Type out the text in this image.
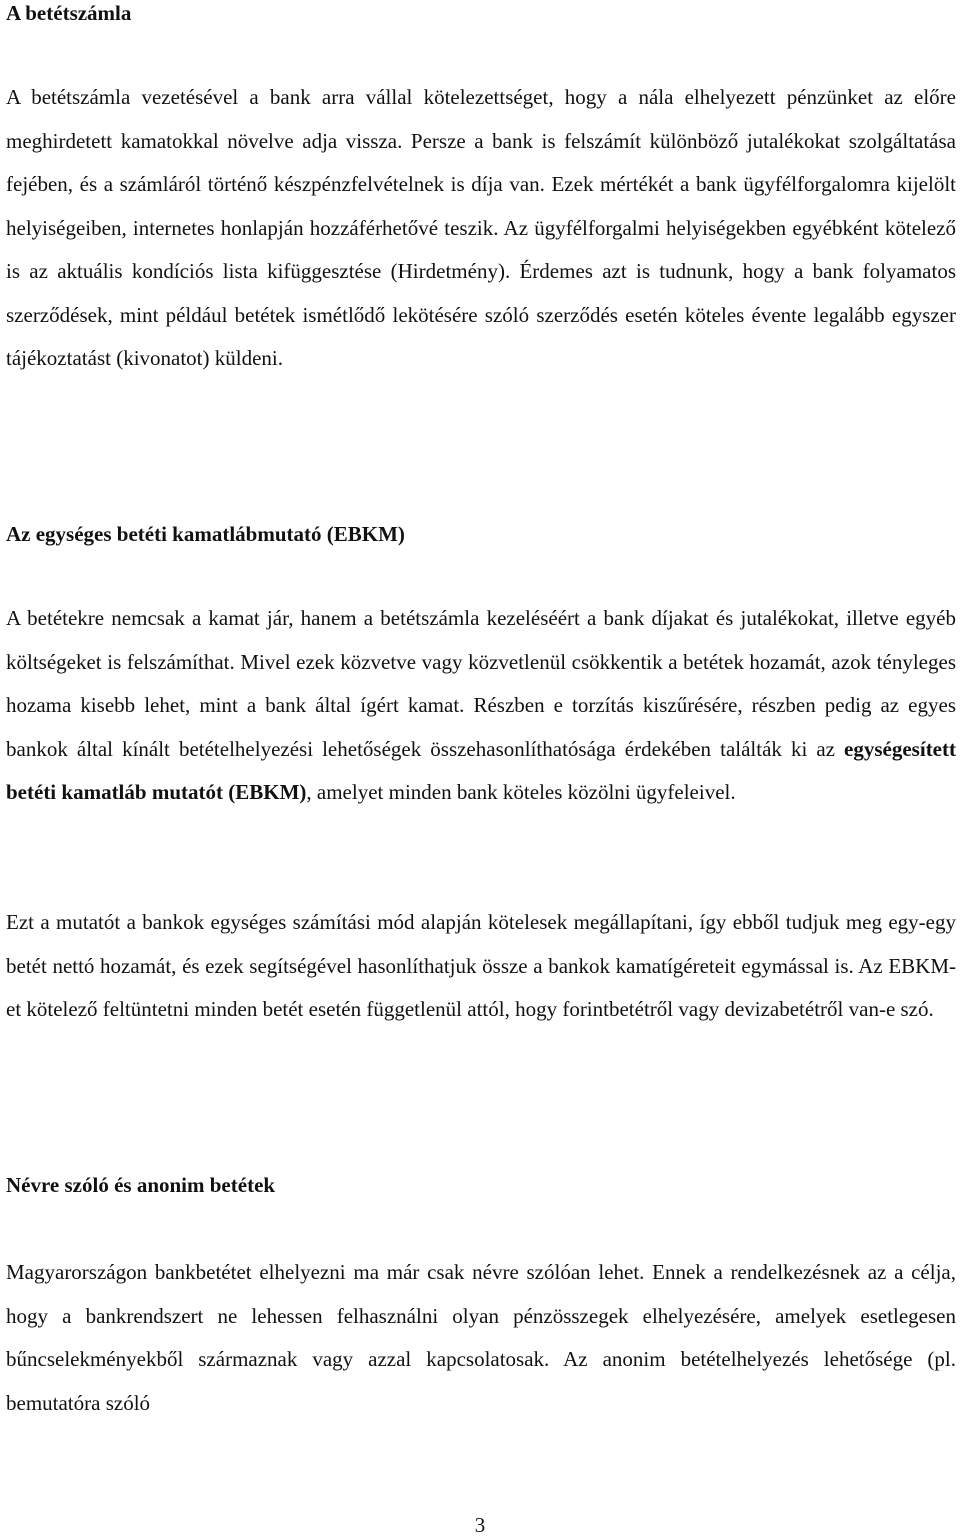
A betétszámla

A betétszámla vezetésével a bank arra vállal kötelezettséget, hogy a nála elhelyezett pénzünket az előre meghirdetett kamatokkal növelve adja vissza. Persze a bank is felszámít különböző jutalékokat szolgáltatása fejében, és a számláról történő készpénzfelvételnek is díja van. Ezek mértékét a bank ügyfélforgalomra kijelölt helyiségeiben, internetes honlapján hozzáférhetővé teszik. Az ügyfélforgalmi helyiségekben egyébként kötelező is az aktuális kondíciós lista kifüggesztése (Hirdetmény). Érdemes azt is tudnunk, hogy a bank folyamatos szerződések, mint például betétek ismétlődő lekötésére szóló szerződés esetén köteles évente legalább egyszer tájékoztatást (kivonatot) küldeni.

Az egységes betéti kamatlábmutató (EBKM)

A betétekre nemcsak a kamat jár, hanem a betétszámla kezeléséért a bank díjakat és jutalékokat, illetve egyéb költségeket is felszámíthat. Mivel ezek közvetve vagy közvetlenül csökkentik a betétek hozamát, azok tényleges hozama kisebb lehet, mint a bank által ígért kamat. Részben e torzítás kiszűrésére, részben pedig az egyes bankok által kínált betételhelyezési lehetőségek összehasonlíthatósága érdekében találták ki az egységesített betéti kamatláb mutatót (EBKM), amelyet minden bank köteles közölni ügyfeleivel.

Ezt a mutatót a bankok egységes számítási mód alapján kötelesek megállapítani, így ebből tudjuk meg egy-egy betét nettó hozamát, és ezek segítségével hasonlíthatjuk össze a bankok kamatígéreteit egymással is. Az EBKM-et kötelező feltüntetni minden betét esetén függetlenül attól, hogy forintbetétről vagy devizabetétről van-e szó.

Névre szóló és anonim betétek

Magyarországon bankbetétet elhelyezni ma már csak névre szólóan lehet. Ennek a rendelkezésnek az a célja, hogy a bankrendszert ne lehessen felhasználni olyan pénzösszegek elhelyezésére, amelyek esetlegesen bűncselekményekből származnak vagy azzal kapcsolatosak. Az anonim betételhelyezés lehetősége (pl. bemutatóra szóló

3
